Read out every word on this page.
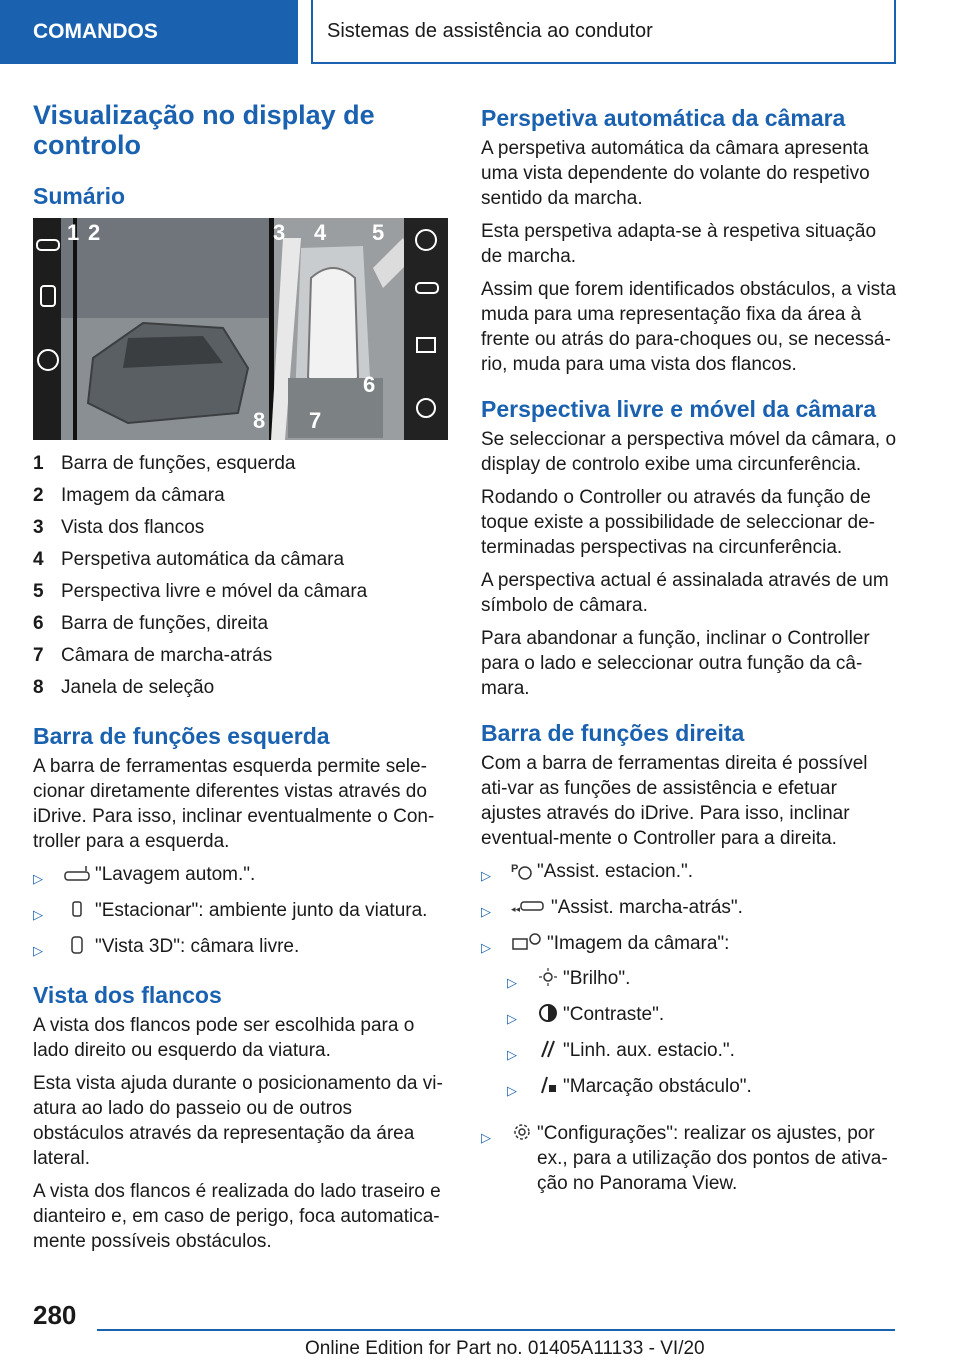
COMANDOS	Sistemas de assistência ao condutor
Visualização no display de controlo
Sumário
1 2	3 4 5
6
7
8
1 Barra de funções, esquerda
2 Imagem da câmara
3 Vista dos flancos
4 Perspetiva automática da câmara
5 Perspectiva livre e móvel da câmara
6 Barra de funções, direita
7 Câmara de marcha-atrás
8 Janela de seleção
Barra de funções esquerda

A barra de ferramentas esquerda permite sele-cionar diretamente diferentes vistas através do iDrive. Para isso, inclinar eventualmente o Con-troller para a esquerda.

▷	"Lavagem autom.".
▷	"Estacionar": ambiente junto da viatura.
▷	"Vista 3D": câmara livre.
Vista dos flancos

A vista dos flancos pode ser escolhida para o lado direito ou esquerdo da viatura.

Esta vista ajuda durante o posicionamento da vi-atura ao lado do passeio ou de outros obstáculos através da representação da área lateral.

A vista dos flancos é realizada do lado traseiro e dianteiro e, em caso de perigo, foca automatica-mente possíveis obstáculos.

Perspetiva automática da câmara

A perspetiva automática da câmara apresenta uma vista dependente do volante do respetivo sentido da marcha.

Esta perspetiva adapta-se à respetiva situação de marcha.

Assim que forem identificados obstáculos, a vista muda para uma representação fixa da área à frente ou atrás do para-choques ou, se necessá-rio, muda para uma vista dos flancos.

Perspectiva livre e móvel da câmara

Se seleccionar a perspectiva móvel da câmara, o display de controlo exibe uma circunferência.

Rodando o Controller ou através da função de toque existe a possibilidade de seleccionar de-terminadas perspectivas na circunferência.

A perspectiva actual é assinalada através de um símbolo de câmara.

Para abandonar a função, inclinar o Controller para o lado e seleccionar outra função da câ-mara.

Barra de funções direita

Com a barra de ferramentas direita é possível ati-var as funções de assistência e efetuar ajustes através do iDrive. Para isso, inclinar eventual-mente o Controller para a direita.

▷	P "Assist. estacion.".
▷	◂◂ "Assist. marcha-atrás".
▷	"Imagem da câmara":
▷	"Brilho".
▷	"Contraste".
▷	"Linh. aux. estacio.".
▷	"Marcação obstáculo".
▷	"Configurações": realizar os ajustes, por ex., para a utilização dos pontos de ativa-ção no Panorama View.
280
Online Edition for Part no. 01405A11133 - VI/20
